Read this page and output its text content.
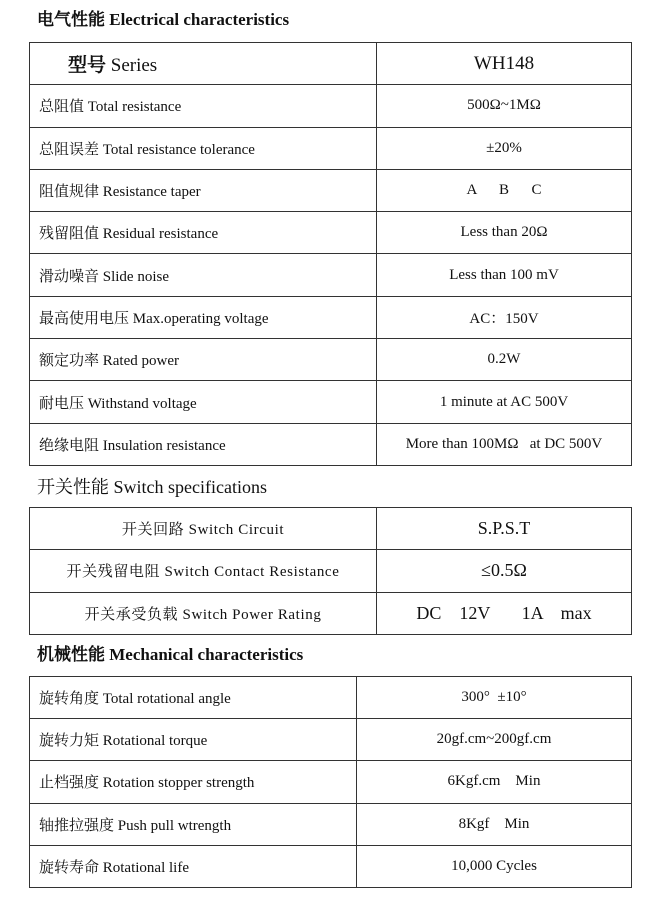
电气性能 Electrical characteristics
型号 Series	WH148
总阻值 Total resistance	500Ω~1MΩ
总阻误差 Total resistance tolerance	±20%
阻值规律 Resistance taper	A      B      C
残留阻值 Residual resistance	Less than 20Ω
滑动噪音 Slide noise	Less than 100 mV
最高使用电压 Max.operating voltage	AC：150V
额定功率 Rated power	0.2W
耐电压 Withstand voltage	1 minute at AC 500V
绝缘电阻 Insulation resistance	More than 100MΩ   at DC 500V
开关性能 Switch specifications
开关回路 Switch Circuit	S.P.S.T
开关残留电阻 Switch Contact Resistance	≤0.5Ω
开关承受负载 Switch Power Rating	DC    12V       1A    max
机械性能 Mechanical characteristics
旋转角度 Total rotational angle	300°  ±10°
旋转力矩 Rotational torque	20gf.cm~200gf.cm
止档强度 Rotation stopper strength	6Kgf.cm    Min
轴推拉强度 Push pull wtrength	8Kgf    Min
旋转寿命 Rotational life	10,000 Cycles
